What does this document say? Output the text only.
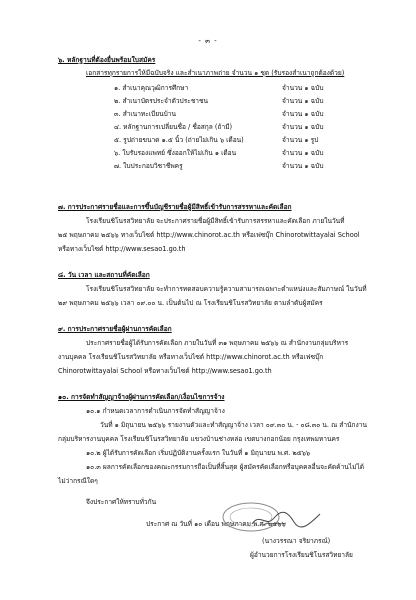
- ๓ -
๖. หลักฐานที่ต้องยื่นพร้อมใบสมัคร
เอกสารทุกรายการให้มีฉบับจริง และสำเนาภาพถ่าย จำนวน ๑ ชุด (รับรองสำเนาถูกต้องด้วย)
๑. สำเนาคุณวุฒิการศึกษา	จำนวน ๑ ฉบับ
๒. สำเนาบัตรประจำตัวประชาชน	จำนวน ๑ ฉบับ
๓. สำเนาทะเบียนบ้าน	จำนวน ๑ ฉบับ
๔. หลักฐานการเปลี่ยนชื่อ / ชื่อสกุล (ถ้ามี)	จำนวน ๑ ฉบับ
๕. รูปถ่ายขนาด ๑.๕ นิ้ว (ถ่ายไม่เกิน ๖ เดือน)	จำนวน ๑ รูป
๖. ใบรับรองแพทย์ ซึ่งออกให้ไม่เกิน ๑ เดือน	จำนวน ๑ ฉบับ
๗. ใบประกอบวิชาชีพครู	จำนวน ๑ ฉบับ
๗. การประกาศรายชื่อและการขึ้นบัญชีรายชื่อผู้มีสิทธิ์เข้ารับการสรรหาและคัดเลือก
โรงเรียนชิโนรสวิทยาลัย จะประกาศรายชื่อผู้มีสิทธิ์เข้ารับการสรรหาและคัดเลือก ภายในวันที่
๒๕ พฤษภาคม ๒๕๖๖ ทางเว็บไซต์ http://www.chinorot.ac.th หรือเฟซบุ๊ก Chinorotwittayalai School
หรือทางเว็บไซต์ http://www.sesao1.go.th
๘. วัน เวลา และสถานที่คัดเลือก
โรงเรียนชิโนรสวิทยาลัย จะทำการทดสอบความรู้ความสามารถเฉพาะตำแหน่งและสัมภาษณ์ ในวันที่
๒๙ พฤษภาคม ๒๕๖๖ เวลา ๐๙.๐๐ น. เป็นต้นไป ณ โรงเรียนชิโนรสวิทยาลัย ตามลำดับผู้สมัคร
๙. การประกาศรายชื่อผู้ผ่านการคัดเลือก
ประกาศรายชื่อผู้ได้รับการคัดเลือก ภายในวันที่ ๓๑ พฤษภาคม ๒๕๖๖ ณ สำนักงานกลุ่มบริหาร
งานบุคคล โรงเรียนชิโนรสวิทยาลัย หรือทางเว็บไซต์ http://www.chinorot.ac.th หรือเฟซบุ๊ก
Chinorotwittayalai School หรือทางเว็บไซต์ http://www.sesao1.go.th
๑๐. การจัดทำสัญญาจ้างผู้ผ่านการคัดเลือก/เงื่อนไขการจ้าง
๑๐.๑ กำหนดเวลาการดำเนินการจัดทำสัญญาจ้าง
วันที่ ๑ มิถุนายน ๒๕๖๖ รายงานตัวและทำสัญญาจ้าง เวลา ๐๙.๓๐ น. - ๐๘.๓๐ น. ณ สำนักงาน
กลุ่มบริหารงานบุคคล โรงเรียนชิโนรสวิทยาลัย แขวงบ้านช่างหล่อ เขตบางกอกน้อย กรุงเทพมหานคร
๑๐.๒ ผู้ได้รับการคัดเลือก เริ่มปฏิบัติงานครั้งแรก ในวันที่ ๑ มิถุนายน พ.ศ. ๒๕๖๖
๑๐.๓ ผลการคัดเลือกของคณะกรรมการถือเป็นที่สิ้นสุด ผู้สมัครคัดเลือกหรือบุคคลอื่นจะคัดค้านไม่ได้
ไม่ว่ากรณีใดๆ
จึงประกาศให้ทราบทั่วกัน
ประกาศ ณ วันที่ ๑๐ เดือน พฤษภาคม พ.ศ. ๒๕๖๖
(นางวรรณา จริยาภรณ์)
ผู้อำนวยการโรงเรียนชิโนรสวิทยาลัย
